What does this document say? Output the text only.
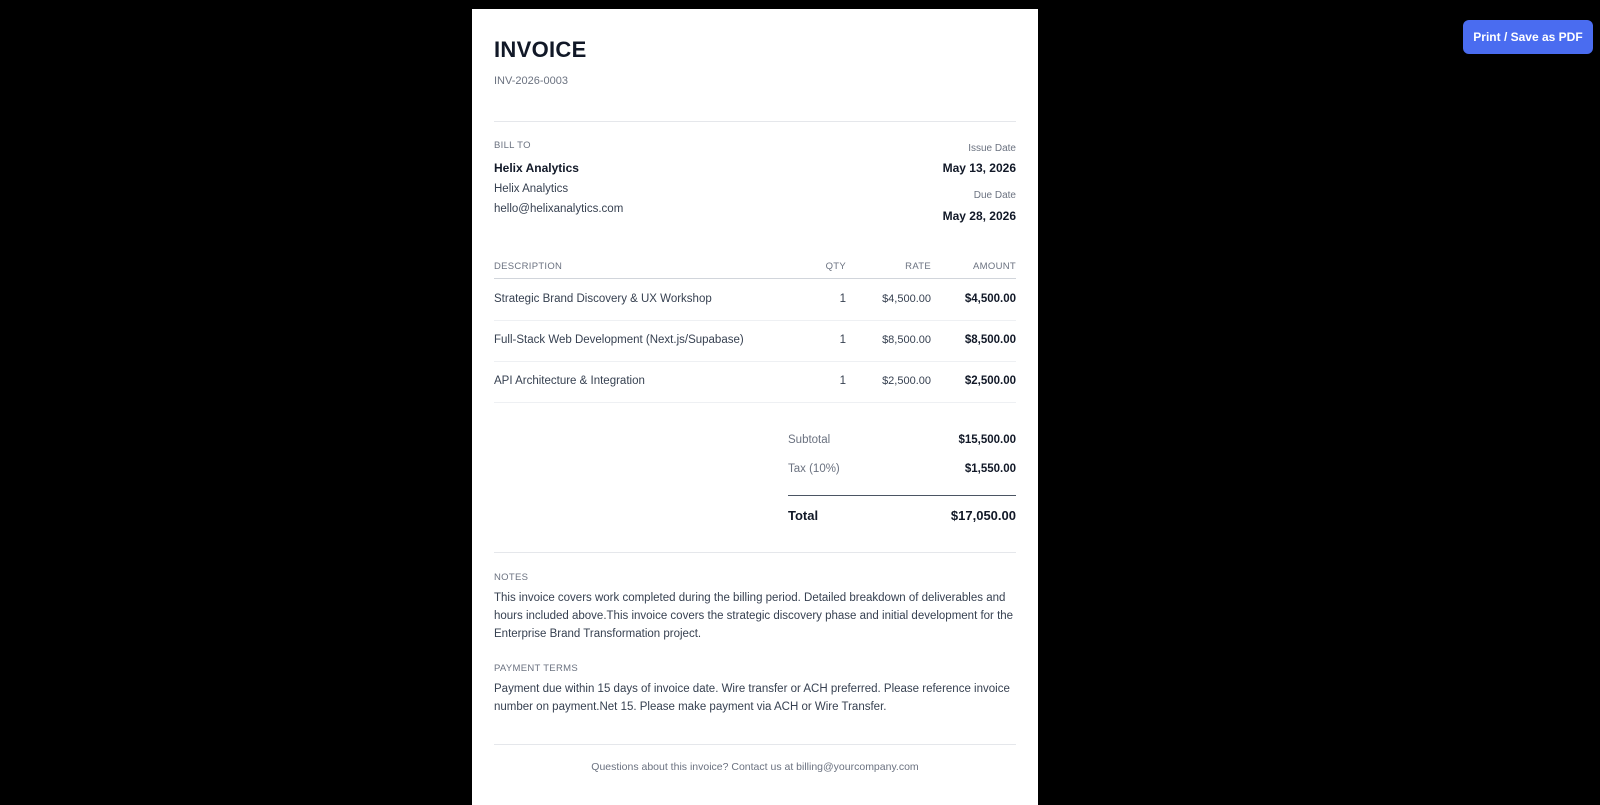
Print / Save as PDF
INVOICE
INV-2026-0003
BILL TO
Helix Analytics
Helix Analytics
hello@helixanalytics.com
Issue Date
May 13, 2026
Due Date
May 28, 2026
DESCRIPTION	QTY	RATE	AMOUNT
Strategic Brand Discovery & UX Workshop	1	$4,500.00	$4,500.00
Full-Stack Web Development (Next.js/Supabase)	1	$8,500.00	$8,500.00
API Architecture & Integration	1	$2,500.00	$2,500.00
Subtotal	$15,500.00
Tax (10%)	$1,550.00
Total	$17,050.00
NOTES
This invoice covers work completed during the billing period. Detailed breakdown of deliverables and hours included above.This invoice covers the strategic discovery phase and initial development for the Enterprise Brand Transformation project.
PAYMENT TERMS
Payment due within 15 days of invoice date. Wire transfer or ACH preferred. Please reference invoice number on payment.Net 15. Please make payment via ACH or Wire Transfer.
Questions about this invoice? Contact us at billing@yourcompany.com
